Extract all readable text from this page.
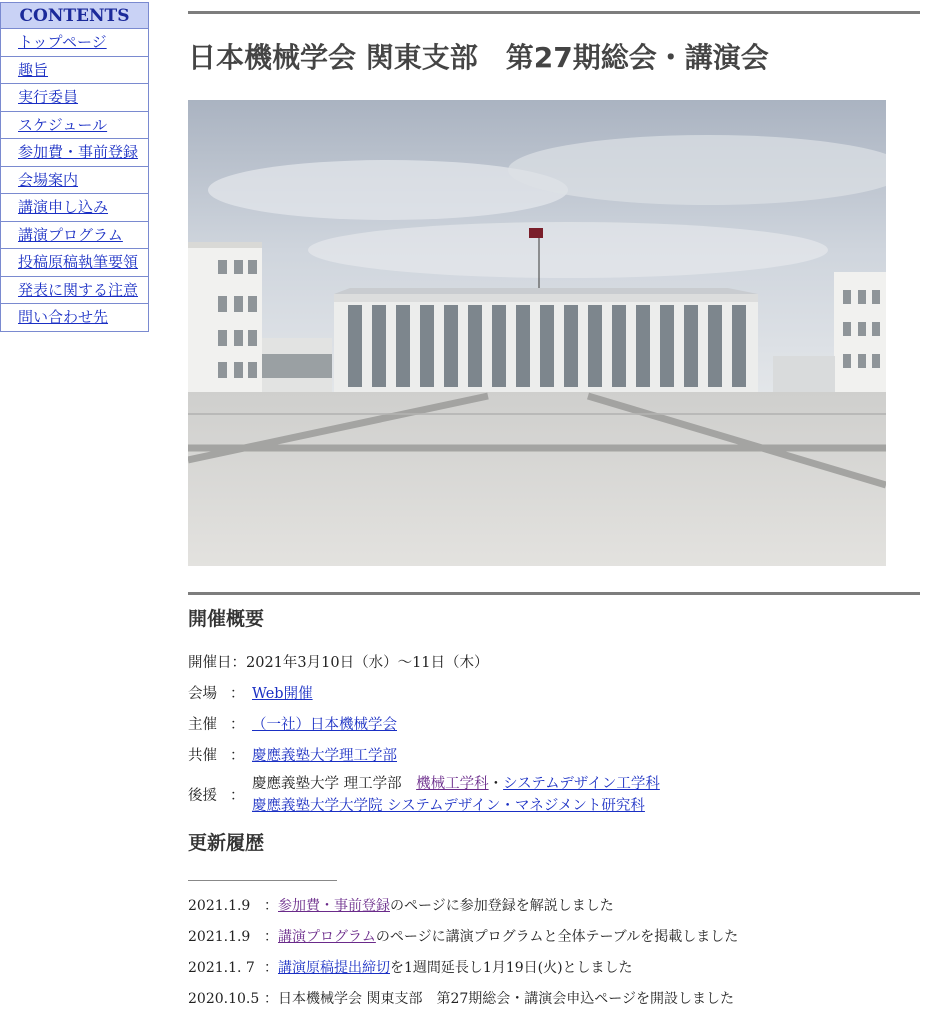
CONTENTS
トップページ
趣旨
実行委員
スケジュール
参加費・事前登録
会場案内
講演申し込み
講演プログラム
投稿原稿執筆要領
発表に関する注意
問い合わせ先
日本機械学会 関東支部　第27期総会・講演会
開催概要
開催日：2021年3月10日（水）〜11日（木）
会場 ： Web開催
主催 ： （一社）日本機械学会
共催 ： 慶應義塾大学理工学部
後援 ：
慶應義塾大学 理工学部　機械工学科・システムデザイン工学科
慶應義塾大学大学院 システムデザイン・マネジメント研究科
更新履歴
2021.1.9 ：参加費・事前登録のページに参加登録を解説しました
2021.1.9 ：講演プログラムのページに講演プログラムと全体テーブルを掲載しました
2021.1. 7 ：講演原稿提出締切を1週間延長し1月19日(火)としました
2020.10.5 ：日本機械学会 関東支部　第27期総会・講演会申込ページを開設しました
